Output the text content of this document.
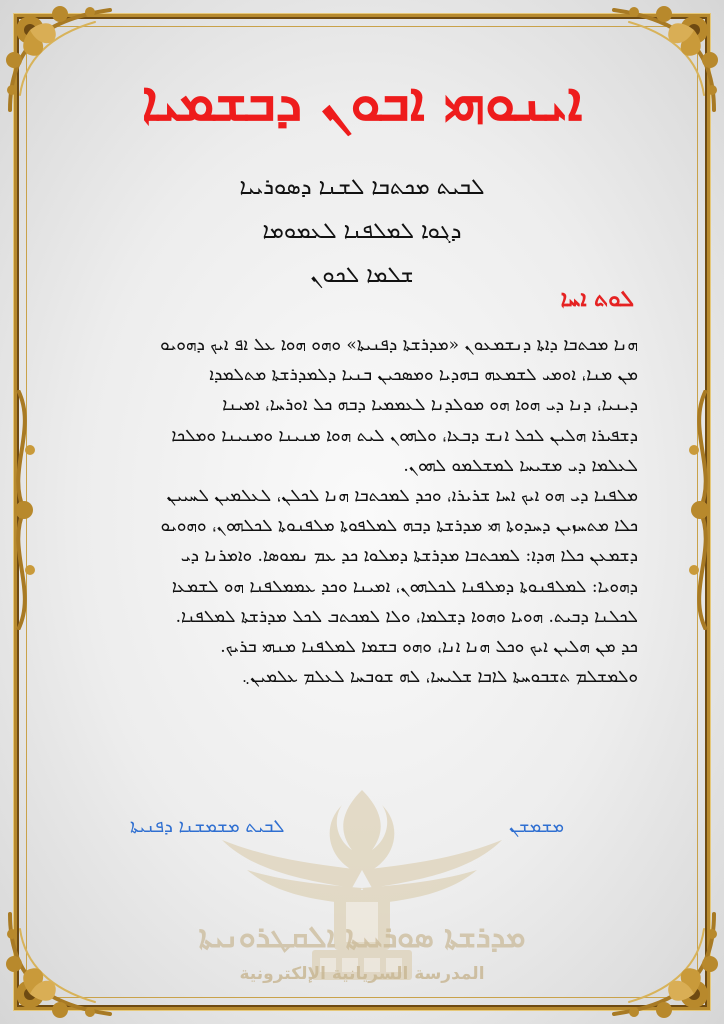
ܡܕܪܫܬܐ ܣܘܪܝܝܬܐ ܐܠܩܛܪܘܢܝܬܐ
المدرسة السريانية الإلكترونية
ܐܝܢܘܗܝ ܐܒܘܢ ܕܒܫܡܝܐ
ܠܒܝܬ ܡܟܬܒܐ ܠܫܢܐ ܕܣܘܪܝܝܐ
ܕܓܘܐ ܠܡܠܦܢܐ ܠܥܡܘܡܐ
ܫܠܡܐ ܠܟܘܢ
ܠܘܬ ܐܚܐ
ܗܢܐ ܡܟܬܒܐ ܕܐܬܐ ܕܢܫܡܥܘܢ «ܡܕܪܫܬܐ ܕܦܢܝܬܐ» ܘܗܘ ܗܘܐ ܥܠ ܐܦ ܐܝܟ ܕܗܘܝܘ
ܡܢ ܡܢܐ، ܐܘܡܝ ܠܫܡܥܗ ܒܗܕܝܐ ܘܡܣܟܝܢ ܒܢܝܐ ܕܠܡܕܪܫܬܐ ܡܬܠܡܕܐ
ܕܝܢܝܐ، ܕܢܐ ܕܝ ܗܘܐ ܗܘ ܡܘܠܕܢܐ ܠܥܡܡܝܐ ܕܒܗ ܟܠ ܐܘܪܚܐ، ܐܡܝܢܐ
ܕܫܦܝܪܐ ܗܠܝܢ ܠܟܠ ܐܢܫ ܕܒܥܐ، ܘܠܗܘܢ ܠܝܬ ܗܘܐ ܡܢܝܢܐ ܘܡܢܝܢܐ ܘܡܠܟܐ
ܠܥܠܡܐ ܕܝ ܡܫܝܚܐ ܠܡܫܠܡܘ ܠܗܘܢ.
ܡܠܦܢܐ ܕܝ ܗܘ ܐܝܟ ܐܚܐ ܫܪܝܪܐ، ܘܟܕ ܠܡܟܬܒܐ ܗܢܐ ܠܟܠܢ، ܠܥܠܡܝܢ ܠܚܝܝܢ
ܟܠܐ ܡܬܚܙܝܢ ܕܚܕܘܬܐ ܗܝ ܡܕܪܫܬܐ ܕܒܗ ܠܡܠܦܘܬܐ ܡܠܦܢܘܬܐ ܠܟܠܗܘܢ، ܘܗܘܝܘ
ܕܫܡܥܢ ܟܠܐ ܗܕܐ: ܠܡܟܬܒܐ ܡܕܪܫܬܐ ܕܡܠܘܐ ܟܕ ܥܡ ܢܡܘܣܐ. ܘܐܡܪܢܐ ܕܝ
ܕܗܘܝܐ: ܠܡܠܦܢܘܬܐ ܕܡܠܦܢܐ ܠܟܠܗܘܢ، ܐܡܝܢܐ ܘܟܕ ܥܡܡܠܦܢܐ ܗܘ ܠܫܡܥܐ
ܠܟܠܢܐ ܕܒܝܬ. ܗܘܝܐ ܘܗܘܐ ܕܫܠܡܐ، ܘܠܐ ܠܡܟܬܒ ܠܟܠ ܡܕܪܫܬܐ ܠܡܠܦܢܐ.
ܟܕ ܡܢ ܗܠܝܢ ܐܝܟ ܘܟܠ ܗܢܐ ܐܢܐ، ܘܗܘ ܒܫܡܐ ܠܡܠܦܢܐ ܡܢܗܝ ܒܪܝܟ.
ܘܠܡܫܠܡ ܬܫܒܘܚܬܐ ܠܐܒܐ ܫܠܝܚܐ، ܠܗ ܫܘܒܚܐ ܠܥܠܡ ܥܠܡܝܢ܆
ܡܫܡܫܢ
ܠܒܝܬ ܡܫܡܫܢܐ ܕܦܢܝܬܐ
